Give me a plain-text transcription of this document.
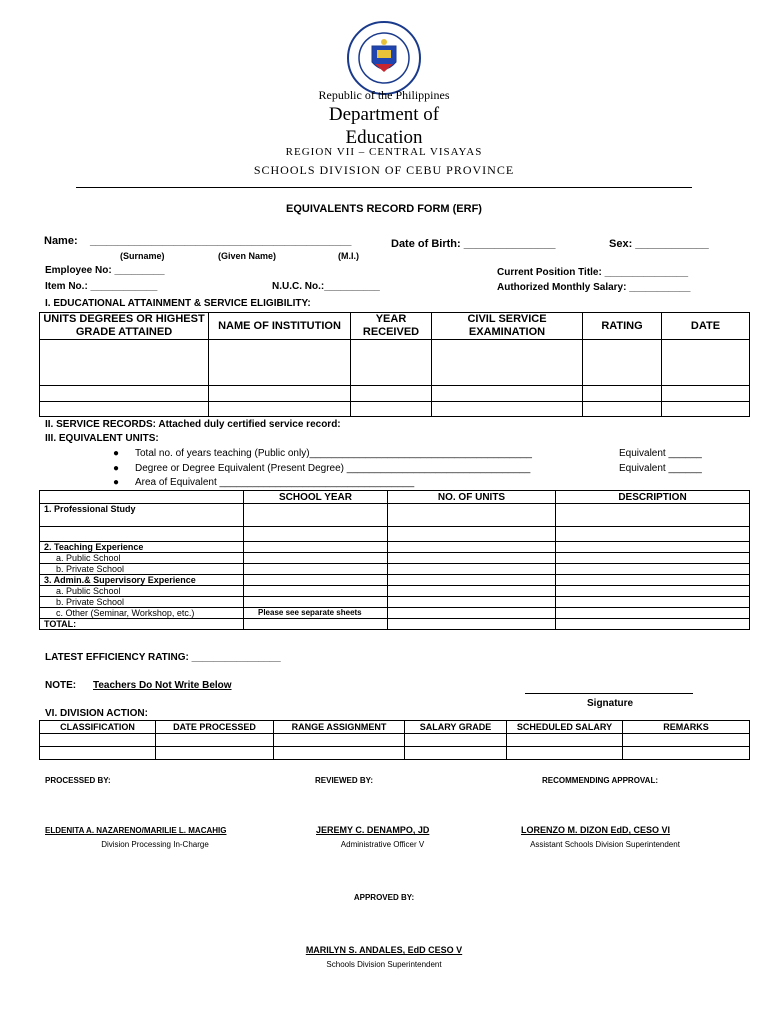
Republic of the Philippines
Department of
Education
REGION VII – CENTRAL VISAYAS
SCHOOLS DIVISION OF CEBU PROVINCE
EQUIVALENTS RECORD FORM (ERF)
Name: _______________________________________________
(Surname)	(Given Name)	(M.I.)
Date of Birth: _______________	Sex: ____________
Employee No: _________
Item No.: ____________	N.U.C. No.:__________
Current Position Title: _______________
Authorized Monthly Salary: ___________
I. EDUCATIONAL ATTAINMENT & SERVICE ELIGIBILITY:
UNITS DEGREES OR HIGHEST GRADE ATTAINED	NAME OF INSTITUTION	YEAR RECEIVED	CIVIL SERVICE EXAMINATION	RATING	DATE

II. SERVICE RECORDS: Attached duly certified service record:
III. EQUIVALENT UNITS:
● Total no. of years teaching (Public only)________________________________________	Equivalent ______
● Degree or Degree Equivalent (Present Degree) _________________________________	Equivalent ______
● Area of Equivalent ___________________________________
	SCHOOL YEAR	NO. OF UNITS	DESCRIPTION
1. Professional Study			

2. Teaching Experience			
a. Public School			
b. Private School			
3. Admin.& Supervisory Experience			
a. Public School			
b. Private School			
c. Other (Seminar, Workshop, etc.)	Please see separate sheets		
TOTAL:			
LATEST EFFICIENCY RATING: ________________
NOTE: Teachers Do Not Write Below
Signature
VI. DIVISION ACTION:
CLASSIFICATION	DATE PROCESSED	RANGE ASSIGNMENT	SALARY GRADE	SCHEDULED SALARY	REMARKS

PROCESSED BY:	REVIEWED BY:	RECOMMENDING APPROVAL:
ELDENITA A. NAZARENO/MARILIE L. MACAHIG
Division Processing In-Charge
JEREMY C. DENAMPO, JD
Administrative Officer V
LORENZO M. DIZON EdD, CESO VI
Assistant Schools Division Superintendent
APPROVED BY:
MARILYN S. ANDALES, EdD CESO V
Schools Division Superintendent
